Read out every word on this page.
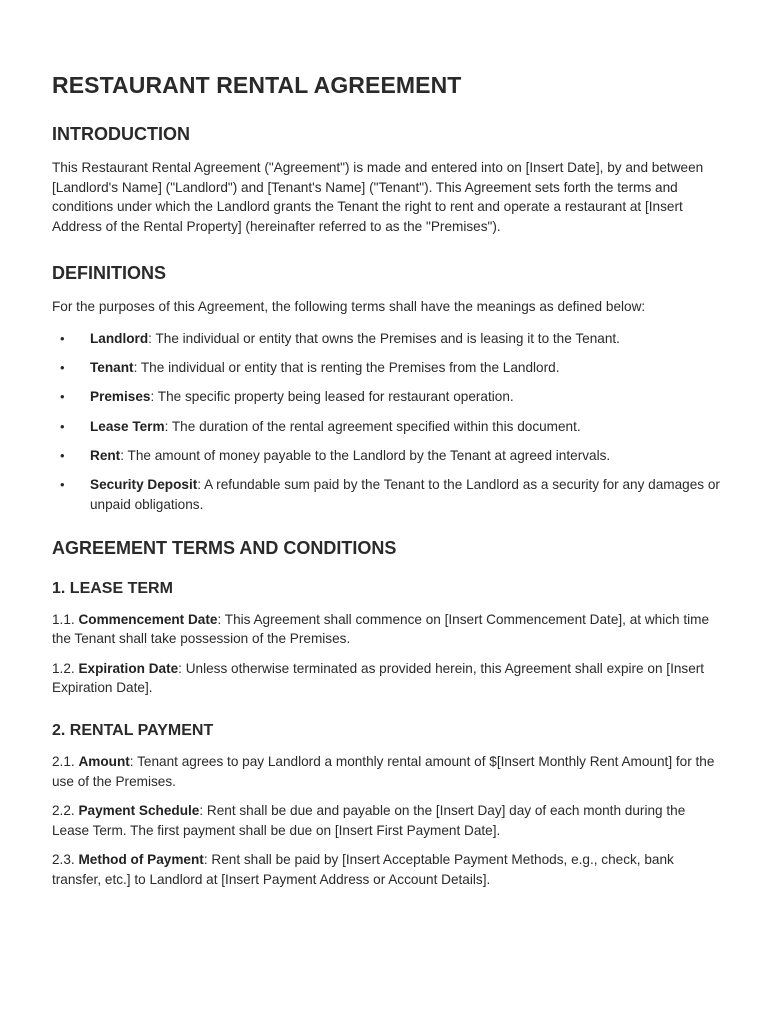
RESTAURANT RENTAL AGREEMENT
INTRODUCTION

This Restaurant Rental Agreement ("Agreement") is made and entered into on [Insert Date], by and between [Landlord's Name] ("Landlord") and [Tenant's Name] ("Tenant"). This Agreement sets forth the terms and conditions under which the Landlord grants the Tenant the right to rent and operate a restaurant at [Insert Address of the Rental Property] (hereinafter referred to as the "Premises").

DEFINITIONS

For the purposes of this Agreement, the following terms shall have the meanings as defined below:

• Landlord: The individual or entity that owns the Premises and is leasing it to the Tenant.
• Tenant: The individual or entity that is renting the Premises from the Landlord.
• Premises: The specific property being leased for restaurant operation.
• Lease Term: The duration of the rental agreement specified within this document.
• Rent: The amount of money payable to the Landlord by the Tenant at agreed intervals.
• Security Deposit: A refundable sum paid by the Tenant to the Landlord as a security for any damages or unpaid obligations.
AGREEMENT TERMS AND CONDITIONS
1. LEASE TERM

1.1. Commencement Date: This Agreement shall commence on [Insert Commencement Date], at which time the Tenant shall take possession of the Premises.

1.2. Expiration Date: Unless otherwise terminated as provided herein, this Agreement shall expire on [Insert Expiration Date].

2. RENTAL PAYMENT

2.1. Amount: Tenant agrees to pay Landlord a monthly rental amount of $[Insert Monthly Rent Amount] for the use of the Premises.

2.2. Payment Schedule: Rent shall be due and payable on the [Insert Day] day of each month during the Lease Term. The first payment shall be due on [Insert First Payment Date].

2.3. Method of Payment: Rent shall be paid by [Insert Acceptable Payment Methods, e.g., check, bank transfer, etc.] to Landlord at [Insert Payment Address or Account Details].
